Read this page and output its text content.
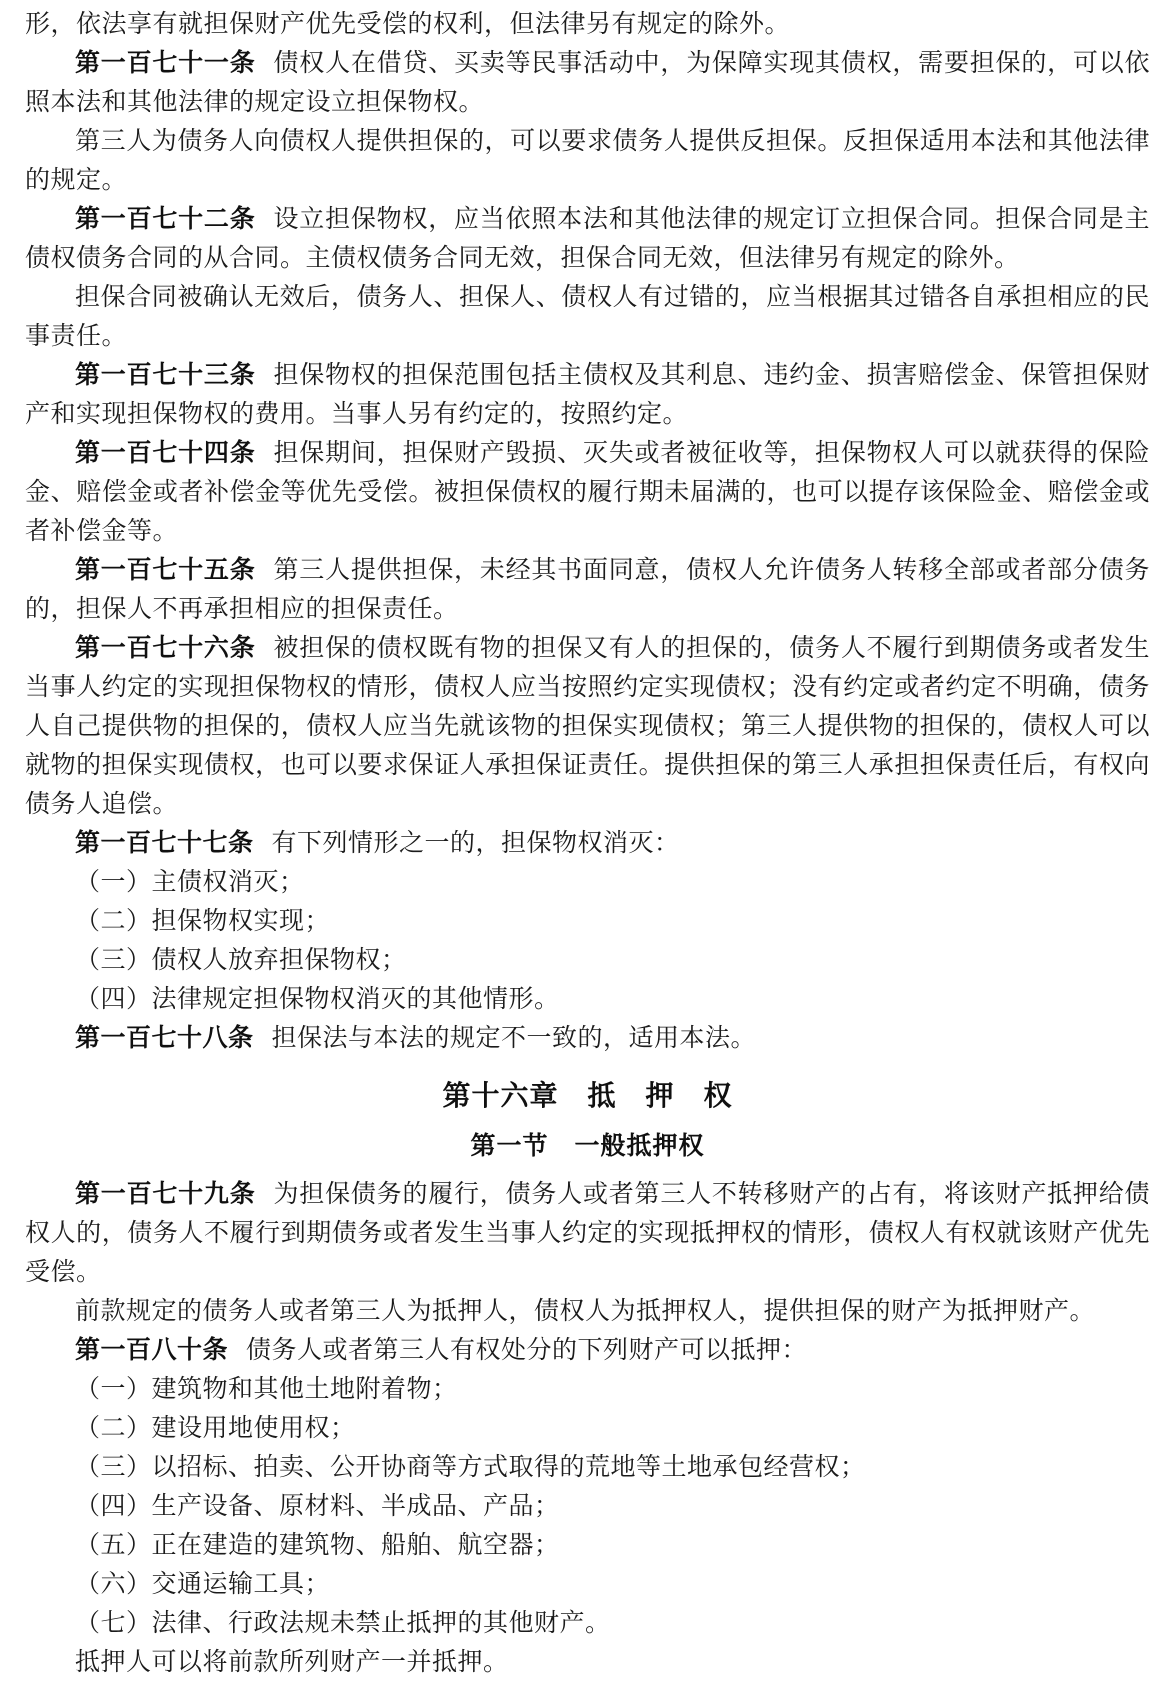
形，依法享有就担保财产优先受偿的权利，但法律另有规定的除外。

第一百七十一条 债权人在借贷、买卖等民事活动中，为保障实现其债权，需要担保的，可以依照本法和其他法律的规定设立担保物权。

第三人为债务人向债权人提供担保的，可以要求债务人提供反担保。反担保适用本法和其他法律的规定。

第一百七十二条 设立担保物权，应当依照本法和其他法律的规定订立担保合同。担保合同是主债权债务合同的从合同。主债权债务合同无效，担保合同无效，但法律另有规定的除外。

担保合同被确认无效后，债务人、担保人、债权人有过错的，应当根据其过错各自承担相应的民事责任。

第一百七十三条 担保物权的担保范围包括主债权及其利息、违约金、损害赔偿金、保管担保财产和实现担保物权的费用。当事人另有约定的，按照约定。

第一百七十四条 担保期间，担保财产毁损、灭失或者被征收等，担保物权人可以就获得的保险金、赔偿金或者补偿金等优先受偿。被担保债权的履行期未届满的，也可以提存该保险金、赔偿金或者补偿金等。

第一百七十五条 第三人提供担保，未经其书面同意，债权人允许债务人转移全部或者部分债务的，担保人不再承担相应的担保责任。

第一百七十六条 被担保的债权既有物的担保又有人的担保的，债务人不履行到期债务或者发生当事人约定的实现担保物权的情形，债权人应当按照约定实现债权；没有约定或者约定不明确，债务人自己提供物的担保的，债权人应当先就该物的担保实现债权；第三人提供物的担保的，债权人可以就物的担保实现债权，也可以要求保证人承担保证责任。提供担保的第三人承担担保责任后，有权向债务人追偿。

第一百七十七条 有下列情形之一的，担保物权消灭：

（一）主债权消灭；

（二）担保物权实现；

（三）债权人放弃担保物权；

（四）法律规定担保物权消灭的其他情形。

第一百七十八条 担保法与本法的规定不一致的，适用本法。

第十六章　抵　押　权
第一节　一般抵押权

第一百七十九条 为担保债务的履行，债务人或者第三人不转移财产的占有，将该财产抵押给债权人的，债务人不履行到期债务或者发生当事人约定的实现抵押权的情形，债权人有权就该财产优先受偿。

前款规定的债务人或者第三人为抵押人，债权人为抵押权人，提供担保的财产为抵押财产。

第一百八十条 债务人或者第三人有权处分的下列财产可以抵押：

（一）建筑物和其他土地附着物；

（二）建设用地使用权；

（三）以招标、拍卖、公开协商等方式取得的荒地等土地承包经营权；

（四）生产设备、原材料、半成品、产品；

（五）正在建造的建筑物、船舶、航空器；

（六）交通运输工具；

（七）法律、行政法规未禁止抵押的其他财产。

抵押人可以将前款所列财产一并抵押。
